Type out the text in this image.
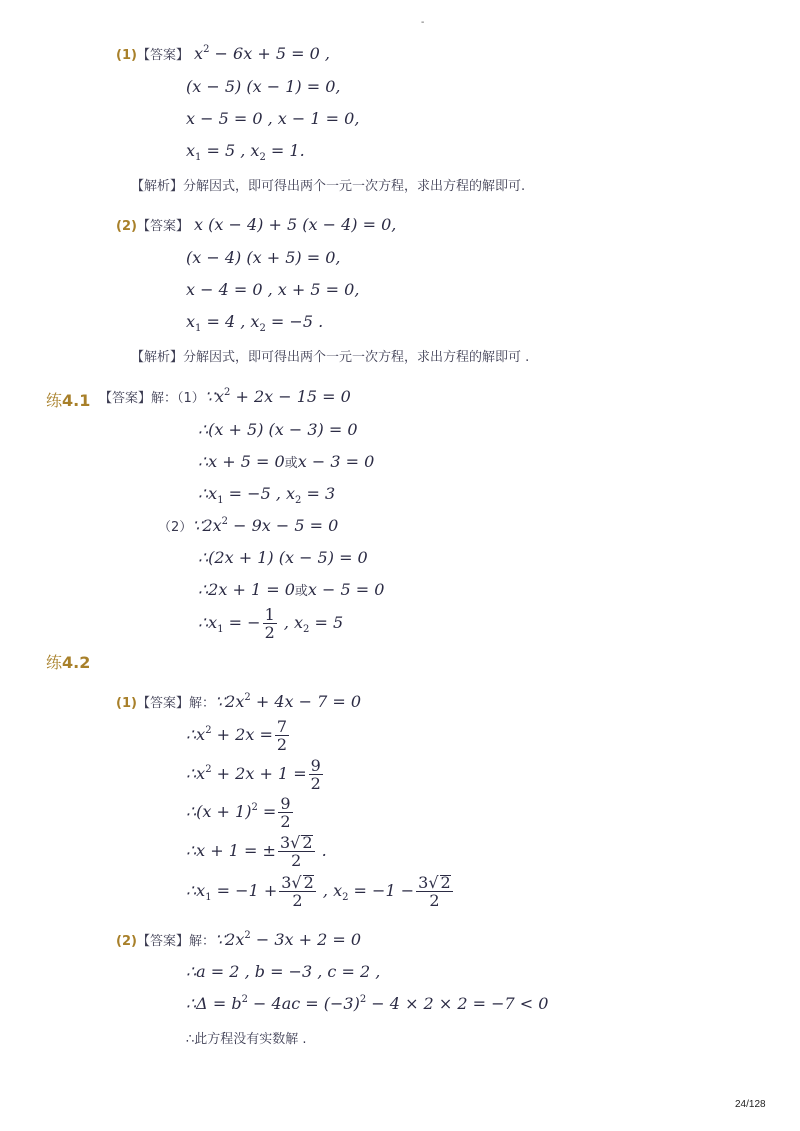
-
(1)【答案】 $x^2 - 6x + 5 = 0$ ,
(x − 5) (x − 1) = 0,
x − 5 = 0 , x − 1 = 0,
$x_1 = 5$ , $x_2 = 1$.
【解析】分解因式，即可得出两个一元一次方程，求出方程的解即可.
(2)【答案】 x (x − 4) + 5 (x − 4) = 0,
(x − 4) (x + 5) = 0,
x − 4 = 0 , x + 5 = 0,
$x_1 = 4$ , $x_2 = -5$ .
【解析】分解因式，即可得出两个一元一次方程，求出方程的解即可 .
练4.1 【答案】解：$(1)\because x^2 + 2x - 15 = 0$
∴(x + 5) (x − 3) = 0
∴x + 5 = 0或x − 3 = 0
$\therefore x_1 = -5$ , $x_2 = 3$
$(2)\because 2x^2 - 9x - 5 = 0$
∴(2x + 1) (x − 5) = 0
∴2x + 1 = 0或x − 5 = 0
$\therefore x_1$ = − $\frac{1}{2}$ , $x_2 = 5$
练4.2
(1)【答案】解：$\because 2x^2 + 4x - 7 = 0$
$\therefore x^2 + 2x = \frac{7}{2}$
$\therefore x^2 + 2x + 1 = \frac{9}{2}$
∴(x + $1)^2 = \frac{9}{2}$
∴x + 1 = ± $\frac{3√ 2}{2}$ .
$\therefore x_1 = -1 + \frac{3√ 2}{2}$ , $x_2 = -1 - \frac{3√ 2}{2}$
(2)【答案】解：$\because 2x^2 - 3x + 2 = 0$
∴a = 2 , b = −3 , c = 2 ,
∴Δ = $b^2 - 4ac = (-3)^2 - 4 \times 2 \times 2 = -7 < 0$
∴此方程没有实数解 .
24/128
